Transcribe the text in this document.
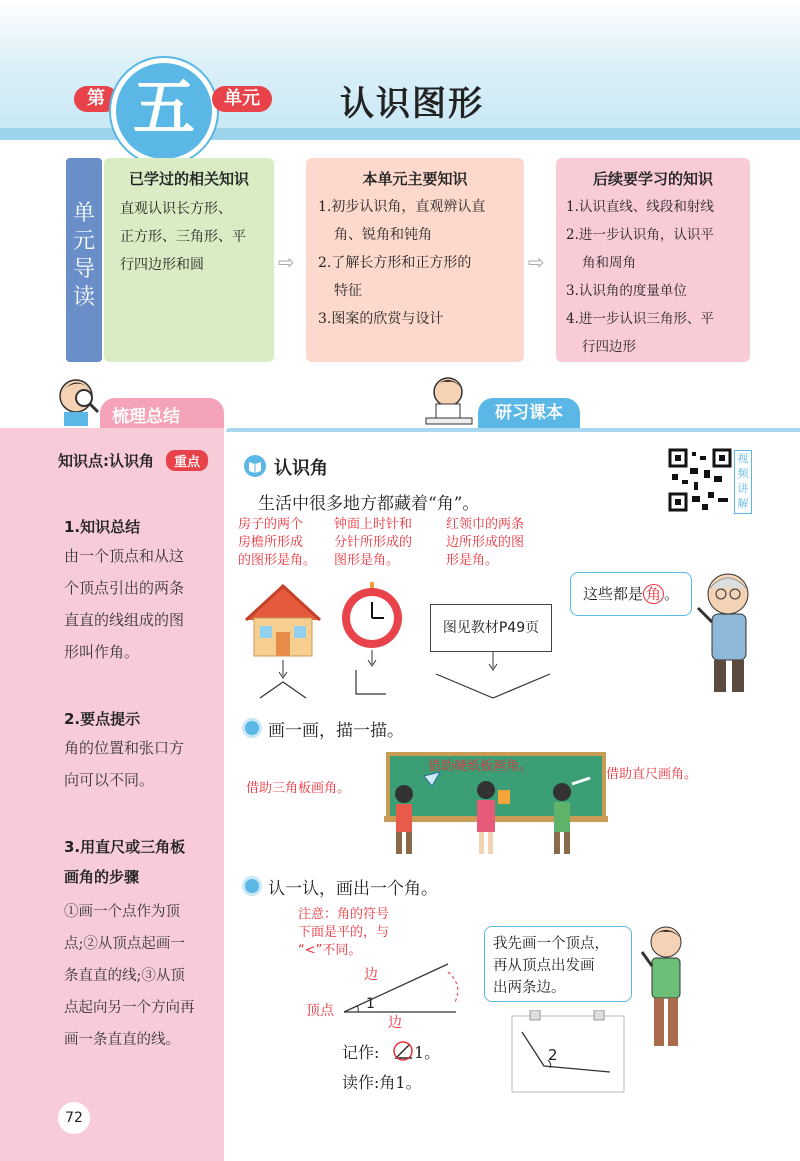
第 五	单元	认识图形
单
元
导
读
已学过的相关知识
直观认识长方形、
正方形、三角形、平
行四边形和圆	⇨
本单元主要知识
1.初步认识角，直观辨认直
角、锐角和钝角
2.了解长方形和正方形的
特征
3.图案的欣赏与设计
⇨
后续要学习的知识
1.认识直线、线段和射线
2.进一步认识角，认识平
角和周角
3.认识角的度量单位
4.进一步认识三角形、平
行四边形
梳理总结
知识点:认识角	重点
1.知识总结
由一个顶点和从这
个顶点引出的两条
直直的线组成的图
形叫作角。
2.要点提示
角的位置和张口方
向可以不同。
3.用直尺或三角板
画角的步骤
①画一个点作为顶
点;②从顶点起画一
条直直的线;③从顶
点起向另一个方向再
画一条直直的线。
72
研习课本
认识角	视
频
讲
解
生活中很多地方都藏着“角”。
房子的两个
房檐所形成
的图形是角。
钟面上时针和
分针所形成的
图形是角。
红领巾的两条
边所形成的图
形是角。
图见教材P49页
这些都是 角 。
画一画，描一描。
借助三角板画角。
借助硬纸板画角。
借助直尺画角。
认一认，画出一个角。
注意：角的符号
下面是平的，与
“<”不同。
边
边
顶点 1
记作: 1。
读作:角1。
我先画一个顶点，
再从顶点出发画
出两条边。
2
